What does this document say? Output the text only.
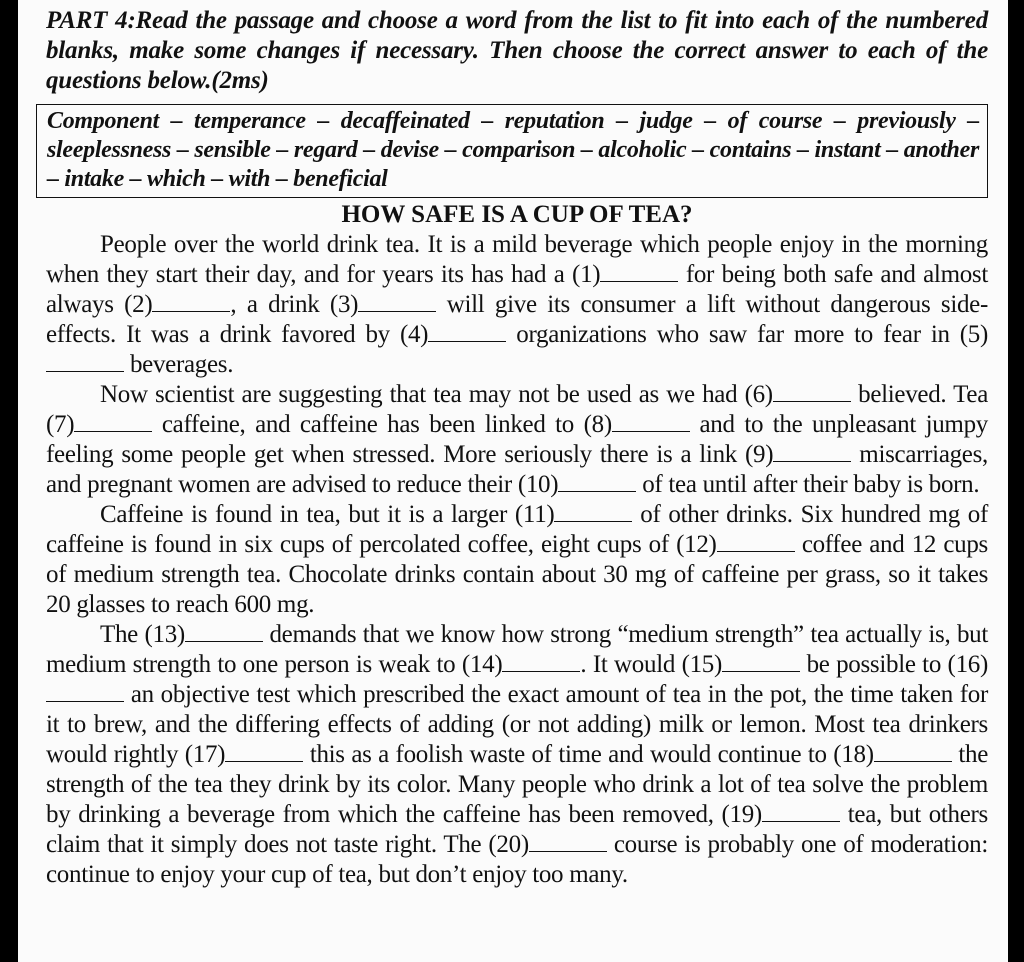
PART 4:Read the passage and choose a word from the list to fit into each of the numbered blanks, make some changes if necessary. Then choose the correct answer to each of the questions below.(2ms)
Component – temperance – decaffeinated – reputation – judge – of course – previously – sleeplessness – sensible – regard – devise – comparison – alcoholic – contains – instant – another – intake – which – with – beneficial
HOW SAFE IS A CUP OF TEA?

People over the world drink tea. It is a mild beverage which people enjoy in the morning when they start their day, and for years its has had a (1)	for being both safe and almost always (2)	, a drink (3)	will give its consumer a lift without dangerous side-effects. It was a drink favored by (4)	organizations who saw far more to fear in (5) beverages.

Now scientist are suggesting that tea may not be used as we had (6)	believed. Tea (7)	caffeine, and caffeine has been linked to (8)	and to the unpleasant jumpy feeling some people get when stressed. More seriously there is a link (9)	miscarriages, and pregnant women are advised to reduce their (10)	of tea until after their baby is born.

Caffeine is found in tea, but it is a larger (11)	of other drinks. Six hundred mg of caffeine is found in six cups of percolated coffee, eight cups of (12)	coffee and 12 cups of medium strength tea. Chocolate drinks contain about 30 mg of caffeine per grass, so it takes 20 glasses to reach 600 mg.

The (13)	demands that we know how strong “medium strength” tea actually is, but medium strength to one person is weak to (14)	. It would (15)	be possible to (16) an objective test which prescribed the exact amount of tea in the pot, the time taken for it to brew, and the differing effects of adding (or not adding) milk or lemon. Most tea drinkers would rightly (17)	this as a foolish waste of time and would continue to (18)	the strength of the tea they drink by its color. Many people who drink a lot of tea solve the problem by drinking a beverage from which the caffeine has been removed, (19)	tea, but others claim that it simply does not taste right. The (20)	course is probably one of moderation: continue to enjoy your cup of tea, but don’t enjoy too many.
